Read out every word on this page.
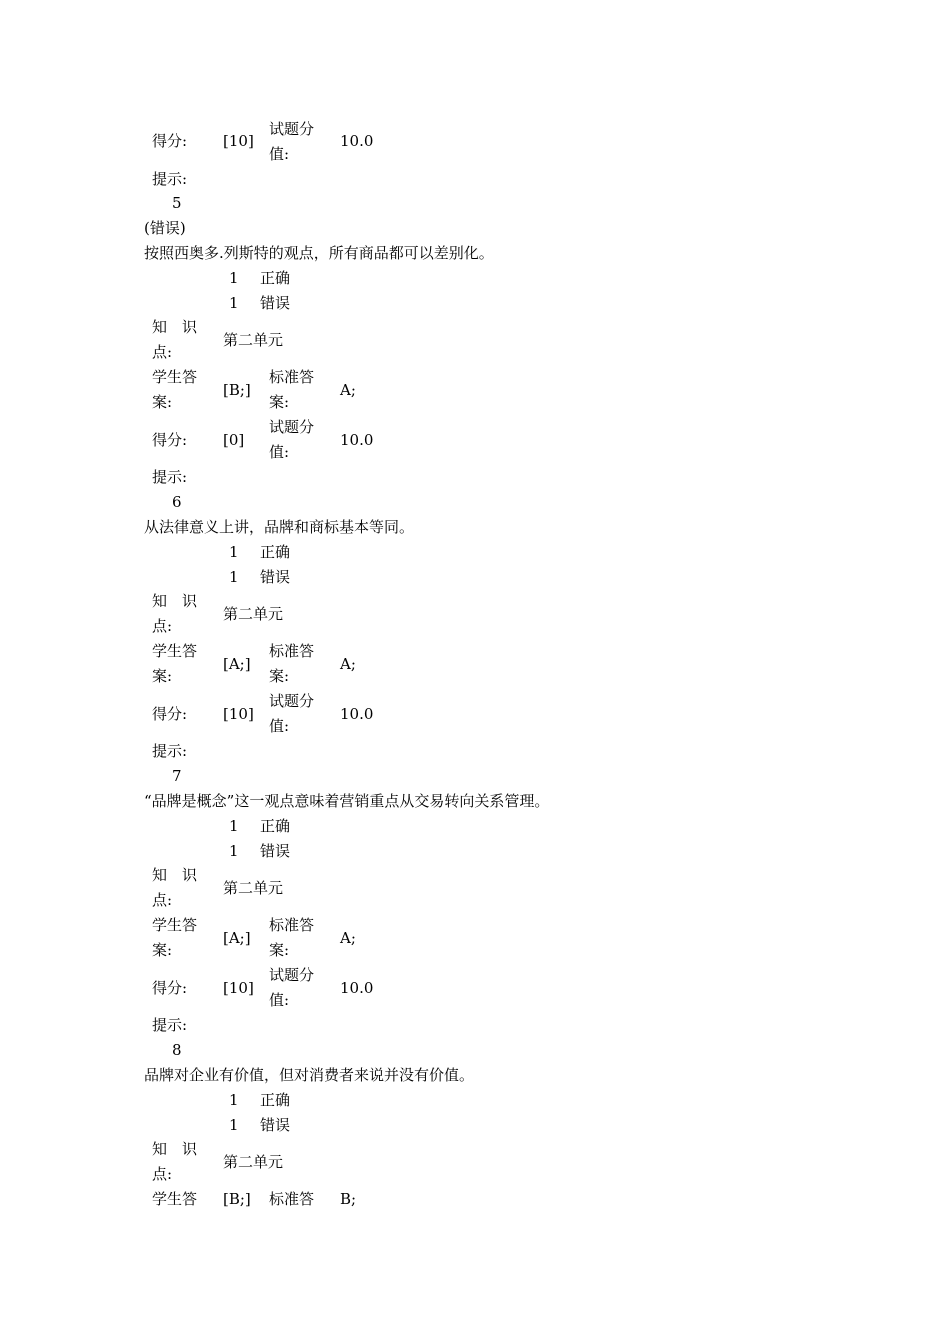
得分: [10]
试题分
值:
10.0
提示:
5
(错误)
按照西奥多.列斯特的观点，所有商品都可以差别化。
1 正确
1 错误
知　识
点:
第二单元
学生答
案:
[B;]
标准答
案:
A;
得分: [0]
试题分
值:
10.0
提示:
6
从法律意义上讲，品牌和商标基本等同。
1 正确
1 错误
知　识
点:
第二单元
学生答
案:
[A;]
标准答
案:
A;
得分: [10]
试题分
值:
10.0
提示:
7
“品牌是概念”这一观点意味着营销重点从交易转向关系管理。
1 正确
1 错误
知　识
点:
第二单元
学生答
案:
[A;]
标准答
案:
A;
得分: [10]
试题分
值:
10.0
提示:
8
品牌对企业有价值，但对消费者来说并没有价值。
1 正确
1 错误
知　识
点:
第二单元
学生答 [B;] 标准答 B;
